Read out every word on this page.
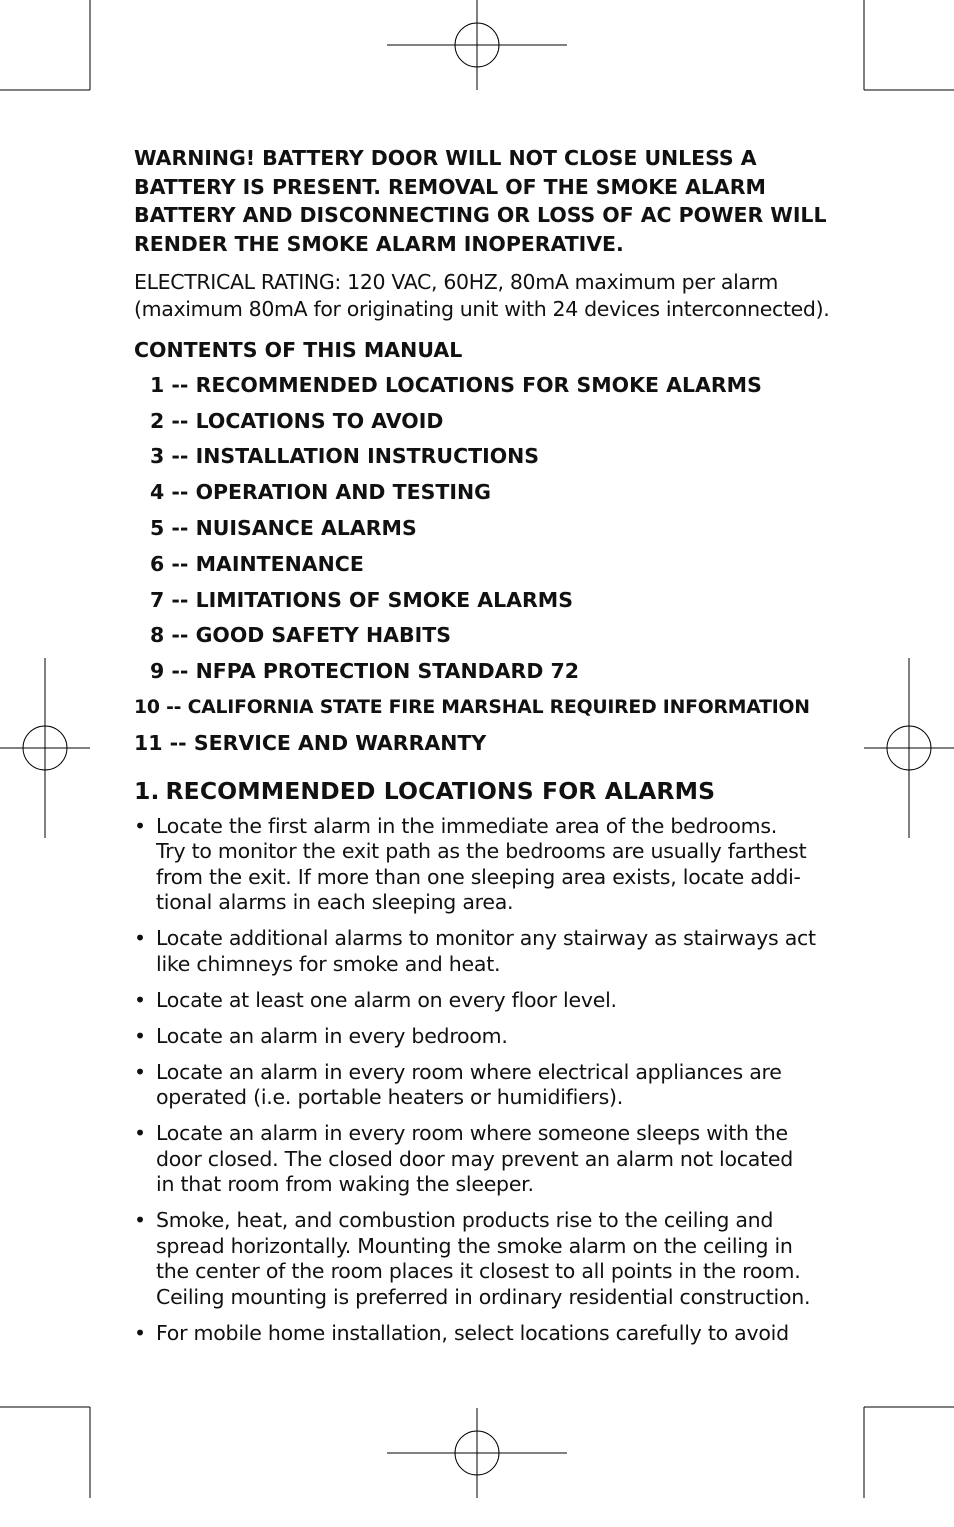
WARNING! BATTERY DOOR WILL NOT CLOSE UNLESS A BATTERY IS PRESENT. REMOVAL OF THE SMOKE ALARM BATTERY AND DISCONNECTING OR LOSS OF AC POWER WILL RENDER THE SMOKE ALARM INOPERATIVE.

ELECTRICAL RATING: 120 VAC, 60HZ, 80mA maximum per alarm
(maximum 80mA for originating unit with 24 devices interconnected).
CONTENTS OF THIS MANUAL
1 -- RECOMMENDED LOCATIONS FOR SMOKE ALARMS
2 -- LOCATIONS TO AVOID
3 -- INSTALLATION INSTRUCTIONS
4 -- OPERATION AND TESTING
5 -- NUISANCE ALARMS
6 -- MAINTENANCE
7 -- LIMITATIONS OF SMOKE ALARMS
8 -- GOOD SAFETY HABITS
9 -- NFPA PROTECTION STANDARD 72
10 -- CALIFORNIA STATE FIRE MARSHAL REQUIRED INFORMATION
11 -- SERVICE AND WARRANTY
1. RECOMMENDED LOCATIONS FOR ALARMS
• Locate the first alarm in the immediate area of the bedrooms.
Try to monitor the exit path as the bedrooms are usually farthest
from the exit. If more than one sleeping area exists, locate addi-
tional alarms in each sleeping area.
• Locate additional alarms to monitor any stairway as stairways act
like chimneys for smoke and heat.
• Locate at least one alarm on every floor level.
• Locate an alarm in every bedroom.
• Locate an alarm in every room where electrical appliances are
operated (i.e. portable heaters or humidifiers).
• Locate an alarm in every room where someone sleeps with the
door closed. The closed door may prevent an alarm not located
in that room from waking the sleeper.
• Smoke, heat, and combustion products rise to the ceiling and
spread horizontally. Mounting the smoke alarm on the ceiling in
the center of the room places it closest to all points in the room.
Ceiling mounting is preferred in ordinary residential construction.
• For mobile home installation, select locations carefully to avoid
